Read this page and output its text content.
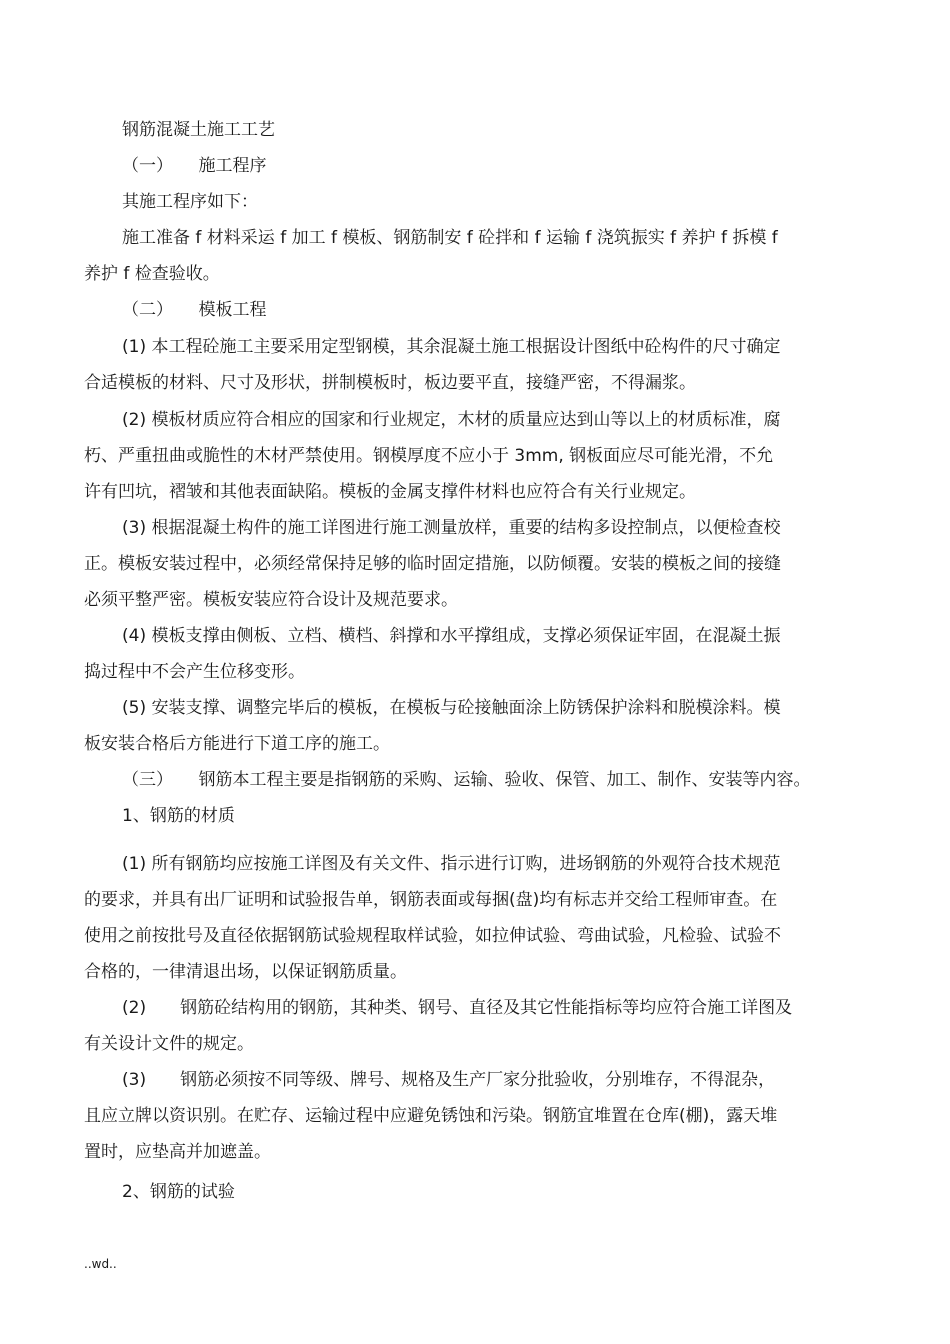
钢筋混凝土施工工艺

（一）　　施工程序

其施工程序如下：

施工准备 f 材料采运 f 加工 f 模板、钢筋制安 f 砼拌和 f 运输 f 浇筑振实 f 养护 f 拆模 f

养护 f 检查验收。

（二）　　模板工程

(1) 本工程砼施工主要采用定型钢模，其余混凝土施工根据设计图纸中砼构件的尺寸确定

合适模板的材料、尺寸及形状，拼制模板时，板边要平直，接缝严密，不得漏浆。

(2) 模板材质应符合相应的国家和行业规定，木材的质量应达到山等以上的材质标准，腐

朽、严重扭曲或脆性的木材严禁使用。钢模厚度不应小于 3mm, 钢板面应尽可能光滑，不允

许有凹坑，褶皱和其他表面缺陷。模板的金属支撑件材料也应符合有关行业规定。

(3) 根据混凝土构件的施工详图进行施工测量放样，重要的结构多设控制点，以便检查校

正。模板安装过程中，必须经常保持足够的临时固定措施，以防倾覆。安装的模板之间的接缝

必须平整严密。模板安装应符合设计及规范要求。

(4) 模板支撑由侧板、立档、横档、斜撑和水平撑组成，支撑必须保证牢固，在混凝土振

捣过程中不会产生位移变形。

(5) 安装支撑、调整完毕后的模板，在模板与砼接触面涂上防锈保护涂料和脱模涂料。模

板安装合格后方能进行下道工序的施工。

（三）　　钢筋本工程主要是指钢筋的采购、运输、验收、保管、加工、制作、安装等内容。

1、钢筋的材质

(1) 所有钢筋均应按施工详图及有关文件、指示进行订购，进场钢筋的外观符合技术规范

的要求，并具有出厂证明和试验报告单，钢筋表面或每捆(盘)均有标志并交给工程师审查。在

使用之前按批号及直径依据钢筋试验规程取样试验，如拉伸试验、弯曲试验，凡检验、试验不

合格的，一律清退出场，以保证钢筋质量。

(2)　　钢筋砼结构用的钢筋，其种类、钢号、直径及其它性能指标等均应符合施工详图及

有关设计文件的规定。

(3)　　钢筋必须按不同等级、牌号、规格及生产厂家分批验收，分别堆存，不得混杂，

且应立牌以资识别。在贮存、运输过程中应避免锈蚀和污染。钢筋宜堆置在仓库(棚)，露天堆

置时，应垫高并加遮盖。

2、钢筋的试验

..wd..
